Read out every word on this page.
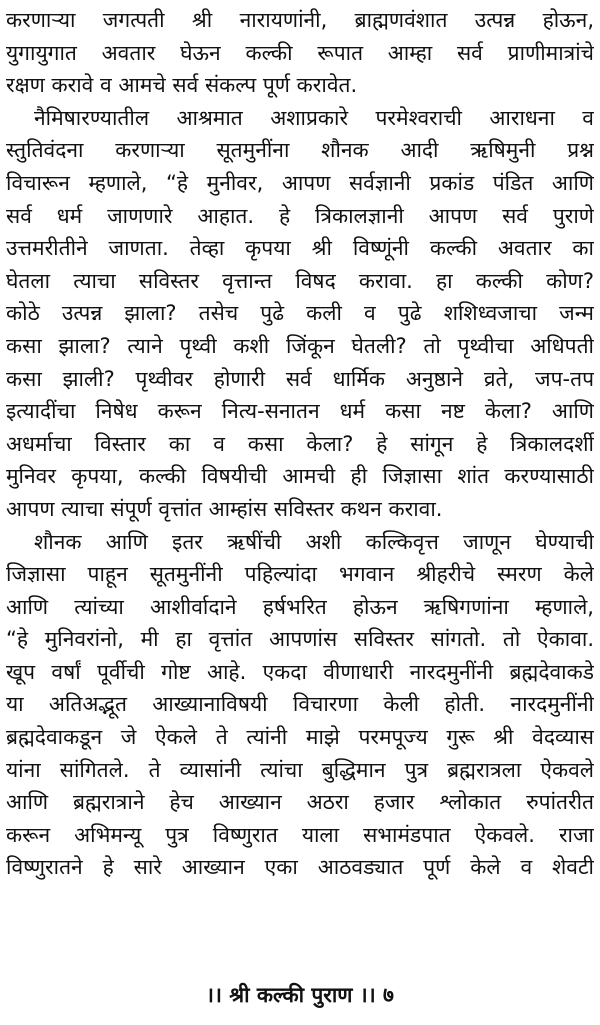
करणाऱ्या जगत्पती श्री नारायणांनी, ब्राह्मणवंशात उत्पन्न होऊन,
युगायुगात अवतार घेऊन कल्की रूपात आम्हा सर्व प्राणीमात्रांचे
रक्षण करावे व आमचे सर्व संकल्प पूर्ण करावेत.
नैमिषारण्यातील आश्रमात अशाप्रकारे परमेश्वराची आराधना व
स्तुतिवंदना करणाऱ्या सूतमुनींना शौनक आदी ऋषिमुनी प्रश्न
विचारून म्हणाले, “हे मुनीवर, आपण सर्वज्ञानी प्रकांड पंडित आणि
सर्व धर्म जाणणारे आहात. हे त्रिकालज्ञानी आपण सर्व पुराणे
उत्तमरीतीने जाणता. तेव्हा कृपया श्री विष्णूंनी कल्की अवतार का
घेतला त्याचा सविस्तर वृत्तान्त विषद करावा. हा कल्की कोण?
कोठे उत्पन्न झाला? तसेच पुढे कली व पुढे शशिध्वजाचा जन्म
कसा झाला? त्याने पृथ्वी कशी जिंकून घेतली? तो पृथ्वीचा अधिपती
कसा झाली? पृथ्वीवर होणारी सर्व धार्मिक अनुष्ठाने व्रते, जप-तप
इत्यादींचा निषेध करून नित्य-सनातन धर्म कसा नष्ट केला? आणि
अधर्माचा विस्तार का व कसा केला? हे सांगून हे त्रिकालदर्शी
मुनिवर कृपया, कल्की विषयीची आमची ही जिज्ञासा शांत करण्यासाठी
आपण त्याचा संपूर्ण वृत्तांत आम्हांस सविस्तर कथन करावा.
शौनक आणि इतर ऋषींची अशी कल्किवृत्त जाणून घेण्याची
जिज्ञासा पाहून सूतमुनींनी पहिल्यांदा भगवान श्रीहरीचे स्मरण केले
आणि त्यांच्या आशीर्वादाने हर्षभरित होऊन ऋषिगणांना म्हणाले,
“हे मुनिवरांनो, मी हा वृत्तांत आपणांस सविस्तर सांगतो. तो ऐकावा.
खूप वर्षां पूर्वीची गोष्ट आहे. एकदा वीणाधारी नारदमुनींनी ब्रह्मदेवाकडे
या अतिअद्भूत आख्यानाविषयी विचारणा केली होती. नारदमुनींनी
ब्रह्मदेवाकडून जे ऐकले ते त्यांनी माझे परमपूज्य गुरू श्री वेदव्यास
यांना सांगितले. ते व्यासांनी त्यांचा बुद्धिमान पुत्र ब्रह्मरात्रला ऐकवले
आणि ब्रह्मरात्राने हेच आख्यान अठरा हजार श्लोकात रुपांतरीत
करून अभिमन्यू पुत्र विष्णुरात याला सभामंडपात ऐकवले. राजा
विष्णुरातने हे सारे आख्यान एका आठवड्यात पूर्ण केले व शेवटी
।। श्री कल्की पुराण ।। ७
